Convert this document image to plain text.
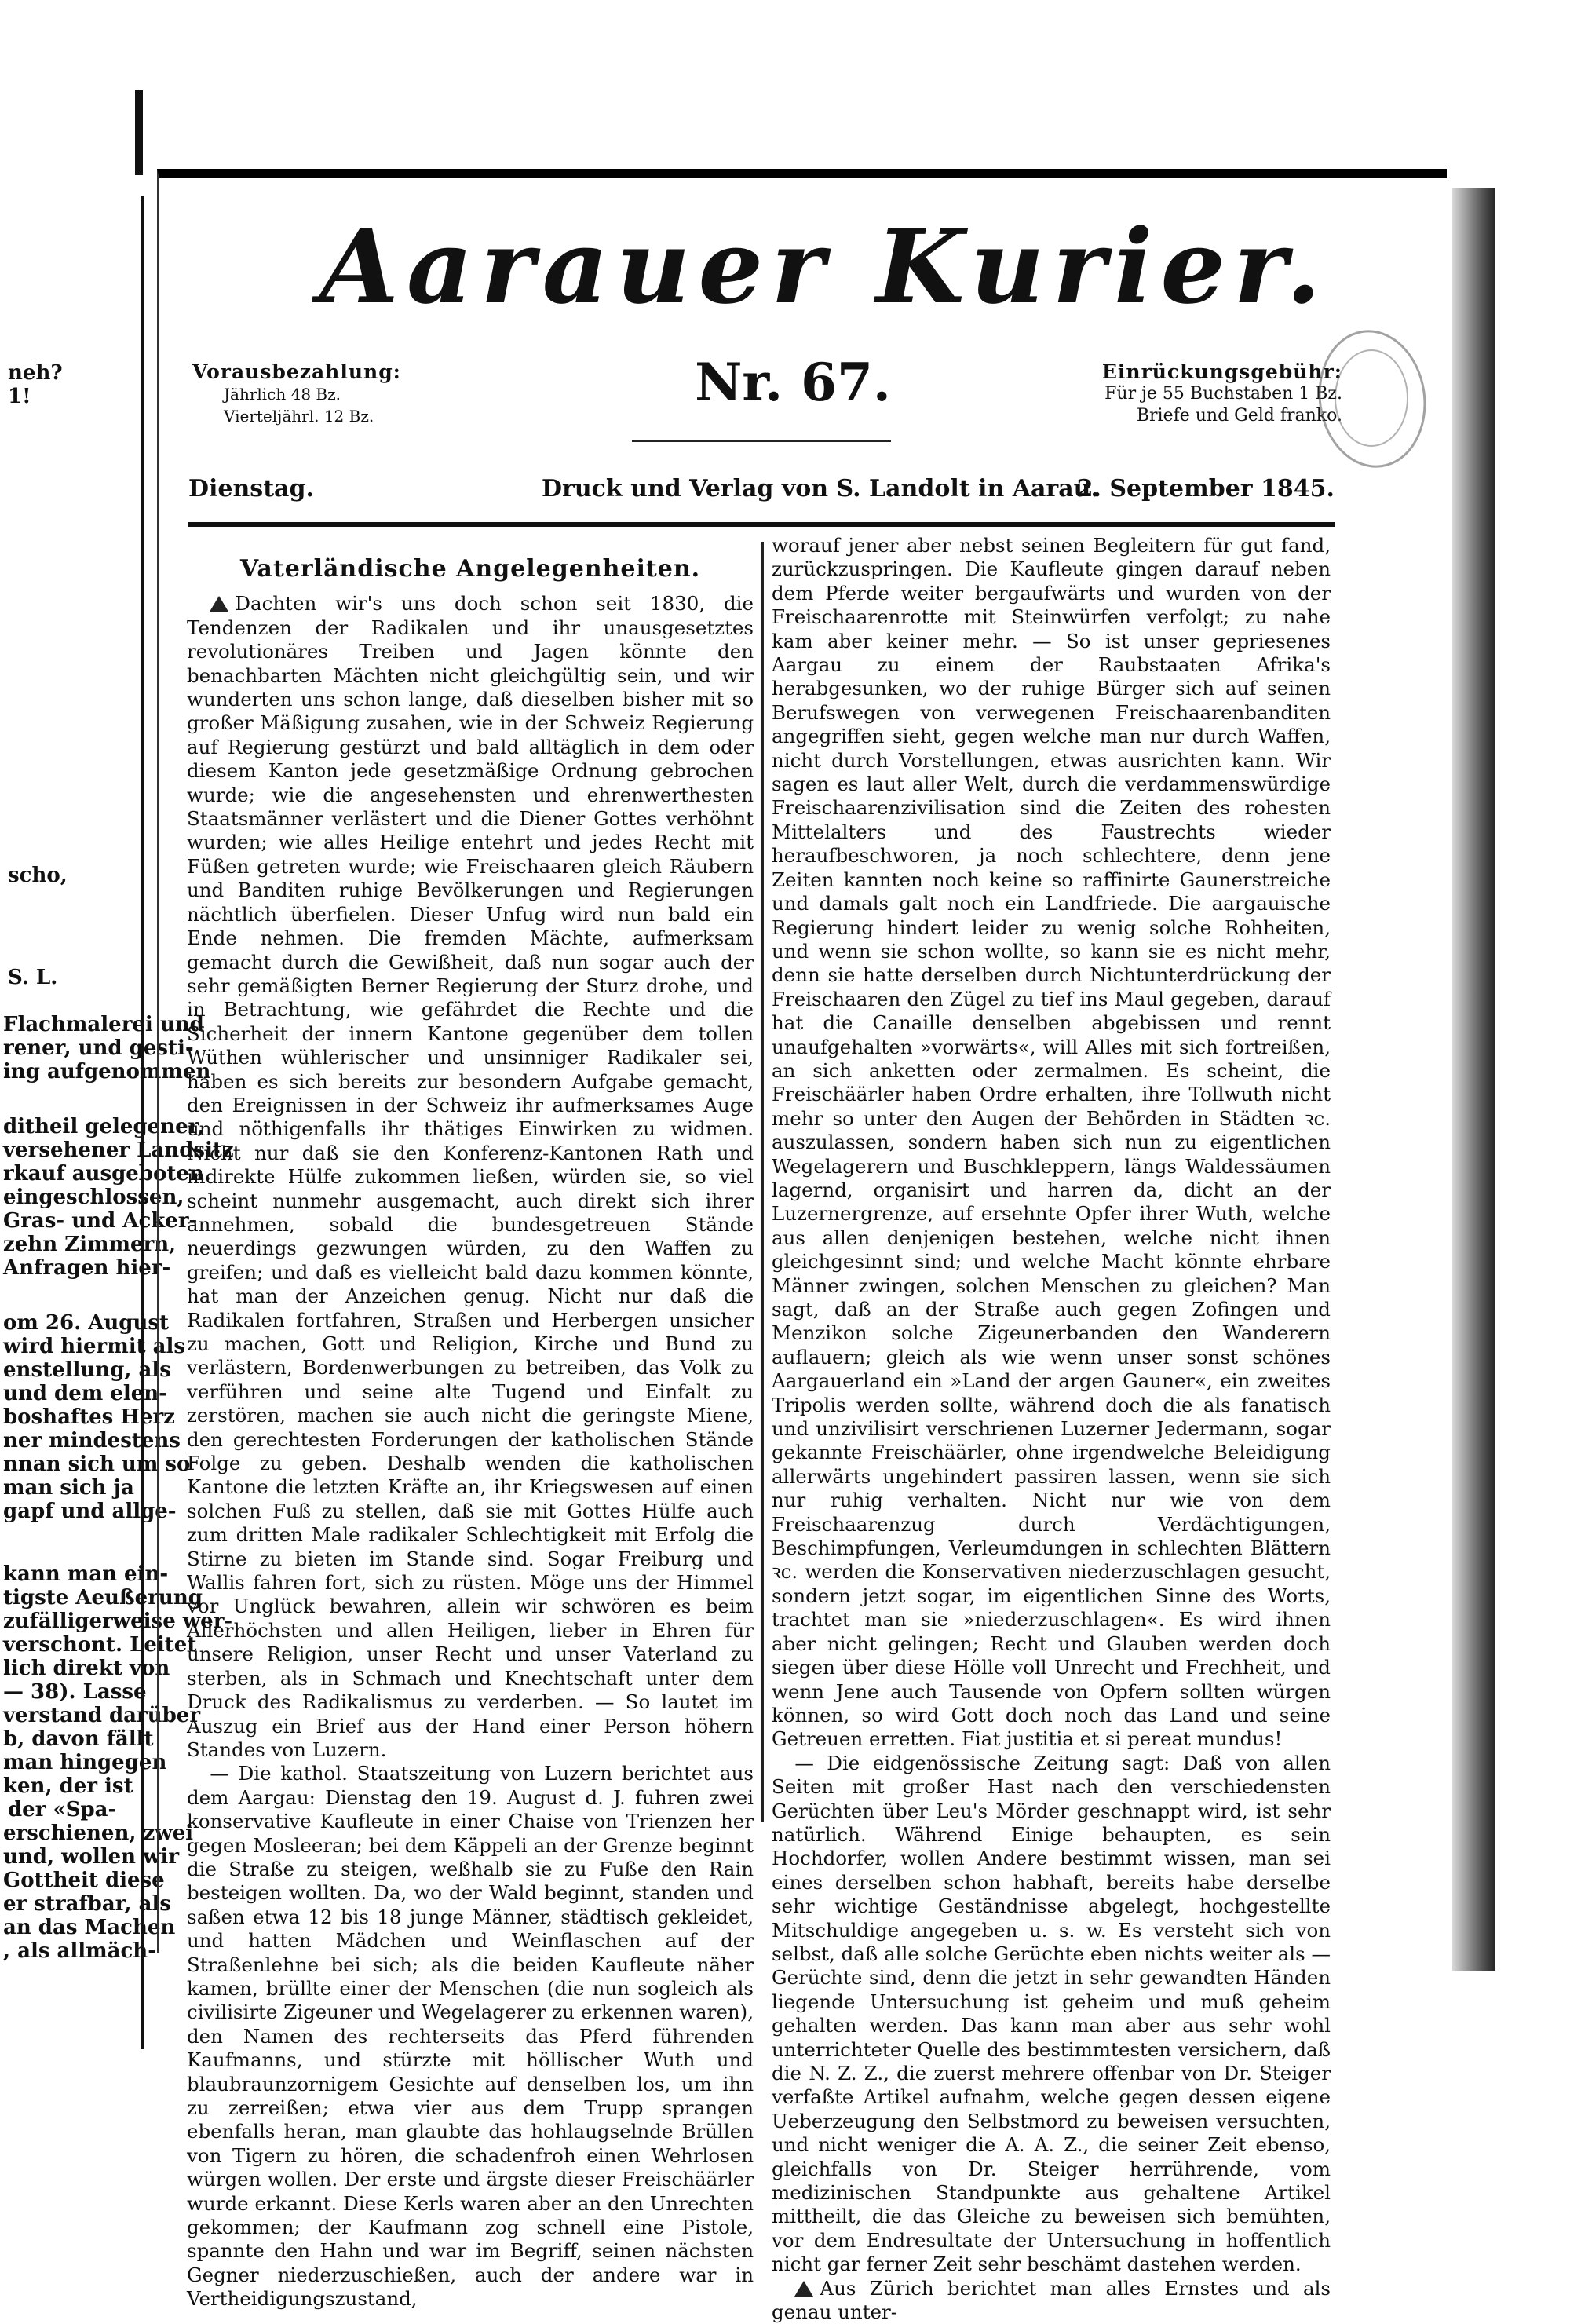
neh?
1!
scho,
S. L.
Flachmalerei und
rener, und gesti-
ing aufgenommen
ditheil gelegener,
versehener Landsitz
rkauf ausgeboten.
eingeschlossen,
Gras- und Acker-
zehn Zimmern,
Anfragen hier-
om 26. August
wird hiermit als
enstellung, als
und dem elen-
boshaftes Herz
ner mindestens
nnan sich um so
man sich ja
gapf und allge-
kann man ein-
tigste Aeußerung
zufälligerweise wer-
verschont. Leitet
lich direkt von
— 38). Lasse
verstand darüber
b, davon fällt
man hingegen
ken, der ist
der «Spa-
erschienen, zwei
und, wollen wir
Gottheit diese
er strafbar, als
an das Machen
, als allmäch-
Aarauer Kurier.
Vorausbezahlung:
Jährlich 48 Bz.
Vierteljährl. 12 Bz.
Nr. 67.	Einrückungsgebühr:
Für je 55 Buchstaben 1 Bz.
Briefe und Geld franko.
Dienstag.	Druck und Verlag von S. Landolt in Aarau.
2. September 1845.

Vaterländische Angelegenheiten.

Dachten wir's uns doch schon seit 1830, die Tendenzen der Radikalen und ihr unausgesetztes revolutionäres Treiben und Jagen könnte den benachbarten Mächten nicht gleichgültig sein, und wir wunderten uns schon lange, daß dieselben bisher mit so großer Mäßigung zusahen, wie in der Schweiz Regierung auf Regierung gestürzt und bald alltäglich in dem oder diesem Kanton jede gesetzmäßige Ordnung gebrochen wurde; wie die angesehensten und ehrenwerthesten Staatsmänner verlästert und die Diener Gottes verhöhnt wurden; wie alles Heilige entehrt und jedes Recht mit Füßen getreten wurde; wie Freischaaren gleich Räubern und Banditen ruhige Bevölkerungen und Regierungen nächtlich überfielen. Dieser Unfug wird nun bald ein Ende nehmen. Die fremden Mächte, aufmerksam gemacht durch die Gewißheit, daß nun sogar auch der sehr gemäßigten Berner Regierung der Sturz drohe, und in Betrachtung, wie gefährdet die Rechte und die Sicherheit der innern Kantone gegenüber dem tollen Wüthen wühlerischer und unsinniger Radikaler sei, haben es sich bereits zur besondern Aufgabe gemacht, den Ereignissen in der Schweiz ihr aufmerksames Auge und nöthigenfalls ihr thätiges Einwirken zu widmen. Nicht nur daß sie den Konferenz-Kantonen Rath und indirekte Hülfe zukommen ließen, würden sie, so viel scheint nunmehr ausgemacht, auch direkt sich ihrer annehmen, sobald die bundesgetreuen Stände neuerdings gezwungen würden, zu den Waffen zu greifen; und daß es vielleicht bald dazu kommen könnte, hat man der Anzeichen genug. Nicht nur daß die Radikalen fortfahren, Straßen und Herbergen unsicher zu machen, Gott und Religion, Kirche und Bund zu verlästern, Bordenwerbungen zu betreiben, das Volk zu verführen und seine alte Tugend und Einfalt zu zerstören, machen sie auch nicht die geringste Miene, den gerechtesten Forderungen der katholischen Stände Folge zu geben. Deshalb wenden die katholischen Kantone die letzten Kräfte an, ihr Kriegswesen auf einen solchen Fuß zu stellen, daß sie mit Gottes Hülfe auch zum dritten Male radikaler Schlechtigkeit mit Erfolg die Stirne zu bieten im Stande sind. Sogar Freiburg und Wallis fahren fort, sich zu rüsten. Möge uns der Himmel vor Unglück bewahren, allein wir schwören es beim Allerhöchsten und allen Heiligen, lieber in Ehren für unsere Religion, unser Recht und unser Vaterland zu sterben, als in Schmach und Knechtschaft unter dem Druck des Radikalismus zu verderben. — So lautet im Auszug ein Brief aus der Hand einer Person höhern Standes von Luzern.

— Die kathol. Staatszeitung von Luzern berichtet aus dem Aargau: Dienstag den 19. August d. J. fuhren zwei konservative Kaufleute in einer Chaise von Trienzen her gegen Mosleeran; bei dem Käppeli an der Grenze beginnt die Straße zu steigen, weßhalb sie zu Fuße den Rain besteigen wollten. Da, wo der Wald beginnt, standen und saßen etwa 12 bis 18 junge Männer, städtisch gekleidet, und hatten Mädchen und Weinflaschen auf der Straßenlehne bei sich; als die beiden Kaufleute näher kamen, brüllte einer der Menschen (die nun sogleich als civilisirte Zigeuner und Wegelagerer zu erkennen waren), den Namen des rechterseits das Pferd führenden Kaufmanns, und stürzte mit höllischer Wuth und blaubraunzornigem Gesichte auf denselben los, um ihn zu zerreißen; etwa vier aus dem Trupp sprangen ebenfalls heran, man glaubte das hohlaugselnde Brüllen von Tigern zu hören, die schadenfroh einen Wehrlosen würgen wollen. Der erste und ärgste dieser Freischäärler wurde erkannt. Diese Kerls waren aber an den Unrechten gekommen; der Kaufmann zog schnell eine Pistole, spannte den Hahn und war im Begriff, seinen nächsten Gegner niederzuschießen, auch der andere war in Vertheidigungszustand,

worauf jener aber nebst seinen Begleitern für gut fand, zurückzuspringen. Die Kaufleute gingen darauf neben dem Pferde weiter bergaufwärts und wurden von der Freischaarenrotte mit Steinwürfen verfolgt; zu nahe kam aber keiner mehr. — So ist unser gepriesenes Aargau zu einem der Raubstaaten Afrika's herabgesunken, wo der ruhige Bürger sich auf seinen Berufswegen von verwegenen Freischaarenbanditen angegriffen sieht, gegen welche man nur durch Waffen, nicht durch Vorstellungen, etwas ausrichten kann. Wir sagen es laut aller Welt, durch die verdammenswürdige Freischaarenzivilisation sind die Zeiten des rohesten Mittelalters und des Faustrechts wieder heraufbeschworen, ja noch schlechtere, denn jene Zeiten kannten noch keine so raffinirte Gaunerstreiche und damals galt noch ein Landfriede. Die aargauische Regierung hindert leider zu wenig solche Rohheiten, und wenn sie schon wollte, so kann sie es nicht mehr, denn sie hatte derselben durch Nichtunterdrückung der Freischaaren den Zügel zu tief ins Maul gegeben, darauf hat die Canaille denselben abgebissen und rennt unaufgehalten »vorwärts«, will Alles mit sich fortreißen, an sich anketten oder zermalmen. Es scheint, die Freischäärler haben Ordre erhalten, ihre Tollwuth nicht mehr so unter den Augen der Behörden in Städten ꝛc. auszulassen, sondern haben sich nun zu eigentlichen Wegelagerern und Buschkleppern, längs Waldessäumen lagernd, organisirt und harren da, dicht an der Luzernergrenze, auf ersehnte Opfer ihrer Wuth, welche aus allen denjenigen bestehen, welche nicht ihnen gleichgesinnt sind; und welche Macht könnte ehrbare Männer zwingen, solchen Menschen zu gleichen? Man sagt, daß an der Straße auch gegen Zofingen und Menzikon solche Zigeunerbanden den Wanderern auflauern; gleich als wie wenn unser sonst schönes Aargauerland ein »Land der argen Gauner«, ein zweites Tripolis werden sollte, während doch die als fanatisch und unzivilisirt verschrienen Luzerner Jedermann, sogar gekannte Freischäärler, ohne irgendwelche Beleidigung allerwärts ungehindert passiren lassen, wenn sie sich nur ruhig verhalten. Nicht nur wie von dem Freischaarenzug durch Verdächtigungen, Beschimpfungen, Verleumdungen in schlechten Blättern ꝛc. werden die Konservativen niederzuschlagen gesucht, sondern jetzt sogar, im eigentlichen Sinne des Worts, trachtet man sie »niederzuschlagen«. Es wird ihnen aber nicht gelingen; Recht und Glauben werden doch siegen über diese Hölle voll Unrecht und Frechheit, und wenn Jene auch Tausende von Opfern sollten würgen können, so wird Gott doch noch das Land und seine Getreuen erretten. Fiat justitia et si pereat mundus!

— Die eidgenössische Zeitung sagt: Daß von allen Seiten mit großer Hast nach den verschiedensten Gerüchten über Leu's Mörder geschnappt wird, ist sehr natürlich. Während Einige behaupten, es sein Hochdorfer, wollen Andere bestimmt wissen, man sei eines derselben schon habhaft, bereits habe derselbe sehr wichtige Geständnisse abgelegt, hochgestellte Mitschuldige angegeben u. s. w. Es versteht sich von selbst, daß alle solche Gerüchte eben nichts weiter als — Gerüchte sind, denn die jetzt in sehr gewandten Händen liegende Untersuchung ist geheim und muß geheim gehalten werden. Das kann man aber aus sehr wohl unterrichteter Quelle des bestimmtesten versichern, daß die N. Z. Z., die zuerst mehrere offenbar von Dr. Steiger verfaßte Artikel aufnahm, welche gegen dessen eigene Ueberzeugung den Selbstmord zu beweisen versuchten, und nicht weniger die A. A. Z., die seiner Zeit ebenso, gleichfalls von Dr. Steiger herrührende, vom medizinischen Standpunkte aus gehaltene Artikel mittheilt, die das Gleiche zu beweisen sich bemühten, vor dem Endresultate der Untersuchung in hoffentlich nicht gar ferner Zeit sehr beschämt dastehen werden.

Aus Zürich berichtet man alles Ernstes und als genau unter-
